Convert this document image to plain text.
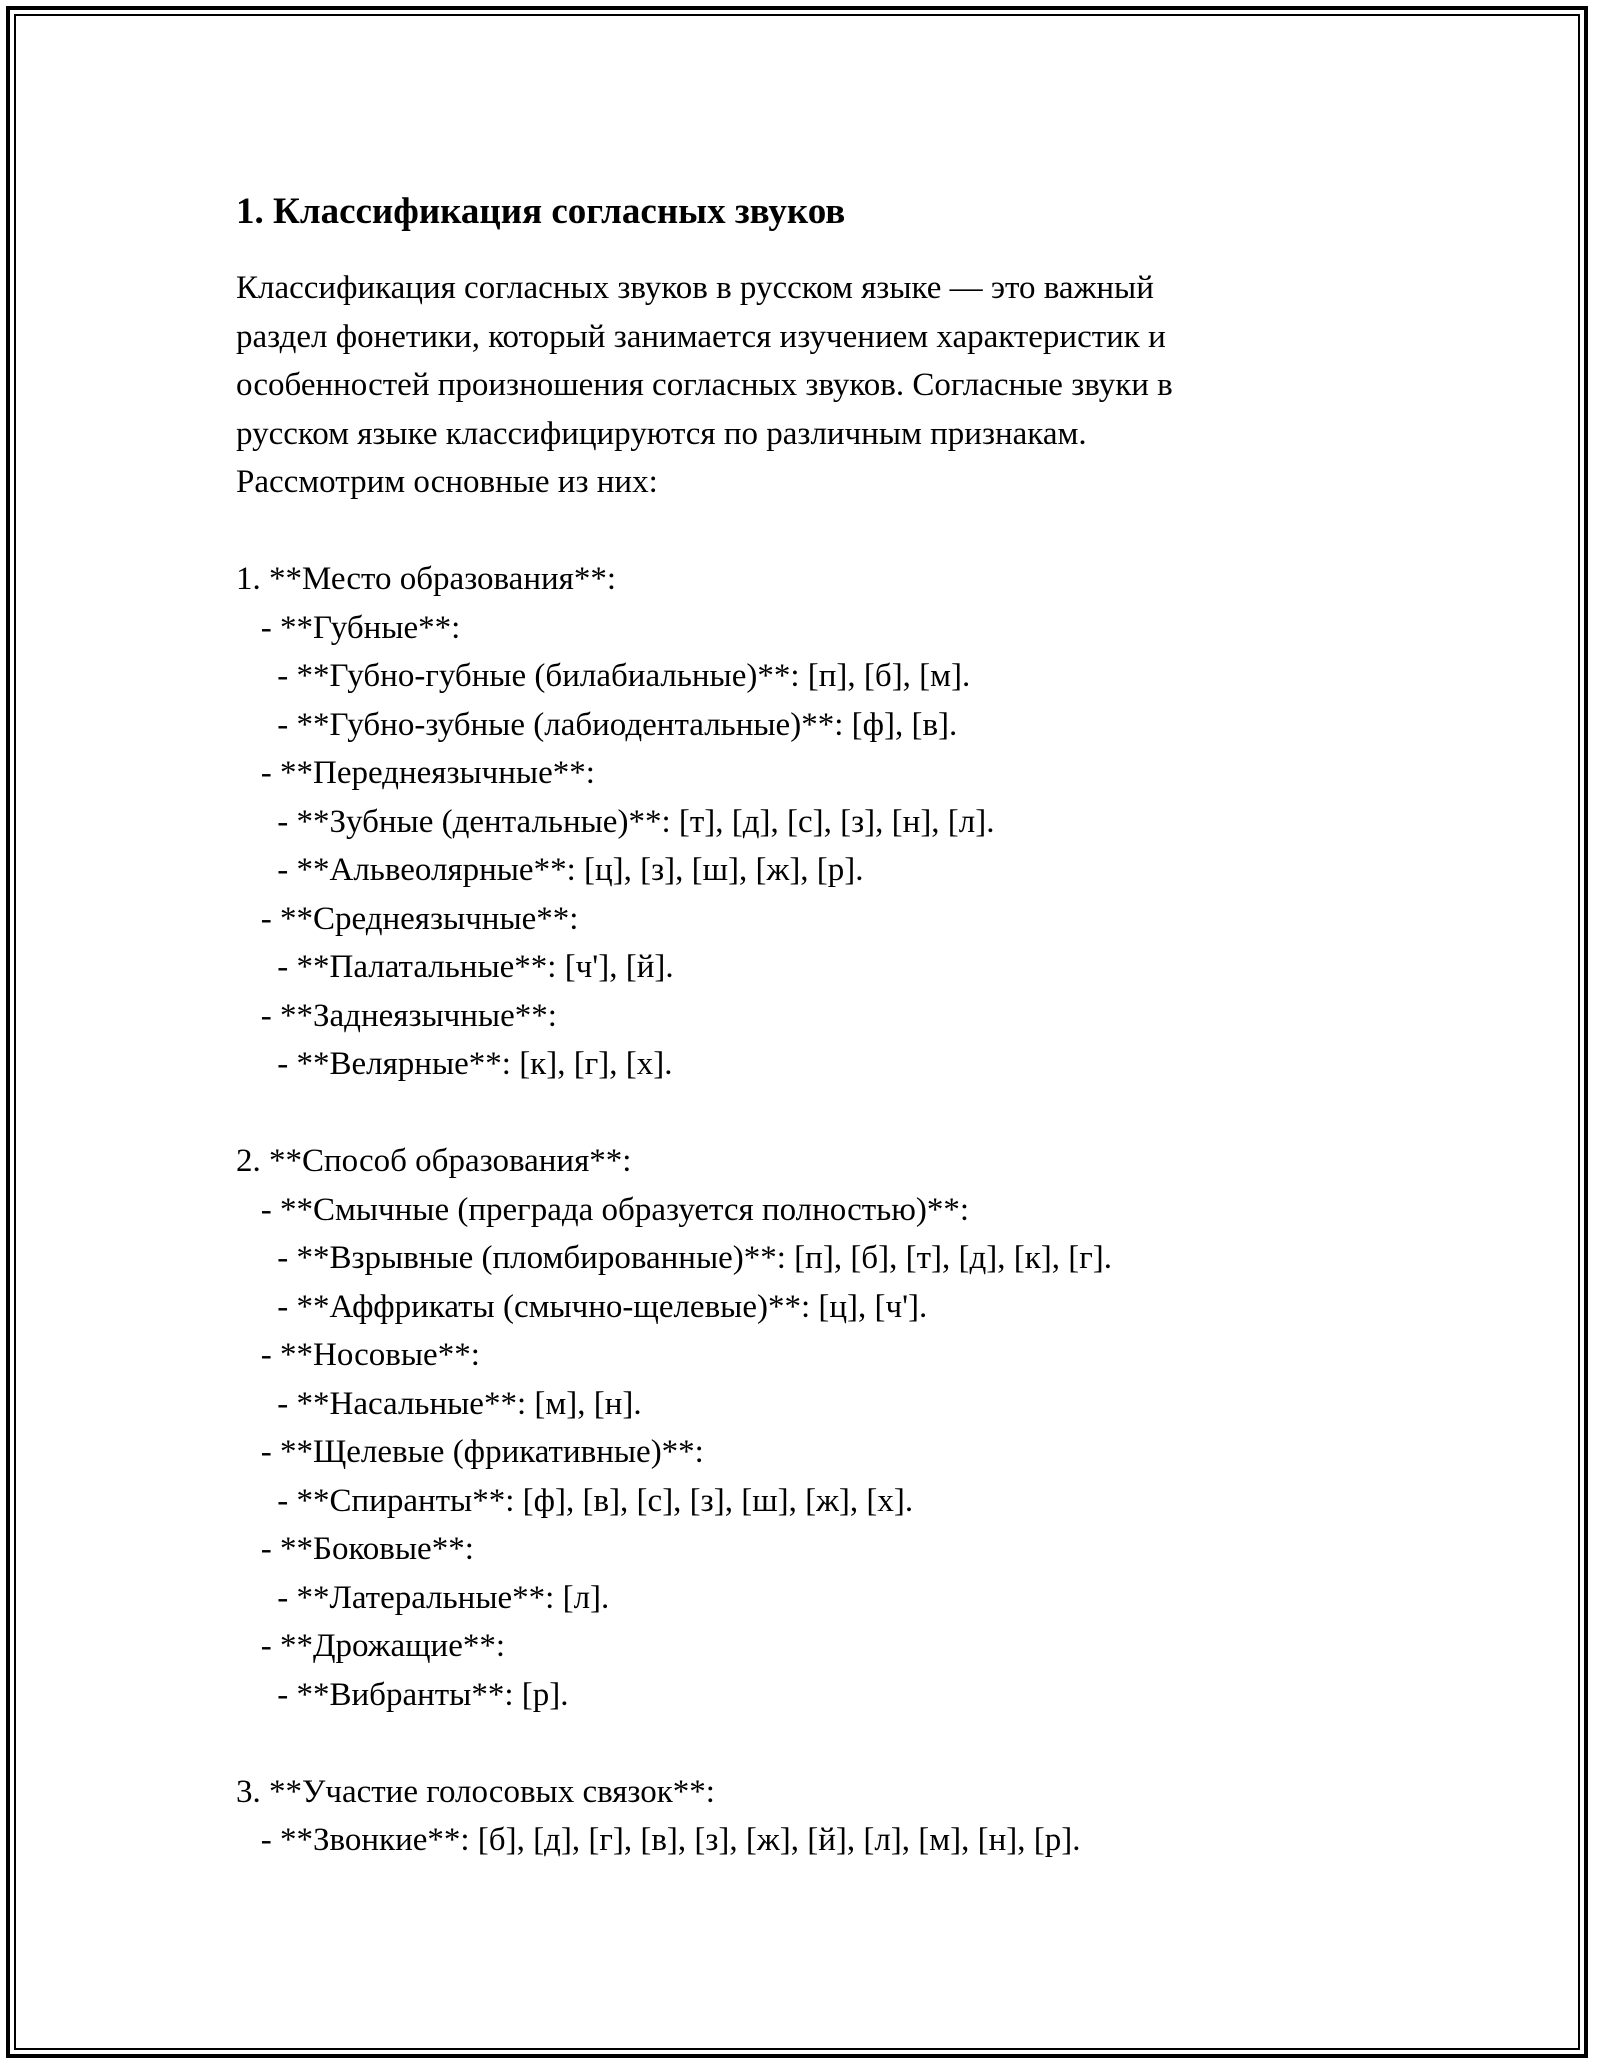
1. Классификация согласных звуков

Классификация согласных звуков в русском языке — это важный

раздел фонетики, который занимается изучением характеристик и

особенностей произношения согласных звуков. Согласные звуки в

русском языке классифицируются по различным признакам.

Рассмотрим основные из них:

1. **Место образования**:

- **Губные**:

- **Губно-губные (билабиальные)**: [п], [б], [м].

- **Губно-зубные (лабиодентальные)**: [ф], [в].

- **Переднеязычные**:

- **Зубные (дентальные)**: [т], [д], [с], [з], [н], [л].

- **Альвеолярные**: [ц], [з], [ш], [ж], [р].

- **Среднеязычные**:

- **Палатальные**: [ч'], [й].

- **Заднеязычные**:

- **Велярные**: [к], [г], [х].

2. **Способ образования**:

- **Смычные (преграда образуется полностью)**:

- **Взрывные (пломбированные)**: [п], [б], [т], [д], [к], [г].

- **Аффрикаты (смычно-щелевые)**: [ц], [ч'].

- **Носовые**:

- **Насальные**: [м], [н].

- **Щелевые (фрикативные)**:

- **Спиранты**: [ф], [в], [с], [з], [ш], [ж], [х].

- **Боковые**:

- **Латеральные**: [л].

- **Дрожащие**:

- **Вибранты**: [р].

3. **Участие голосовых связок**:

- **Звонкие**: [б], [д], [г], [в], [з], [ж], [й], [л], [м], [н], [р].
